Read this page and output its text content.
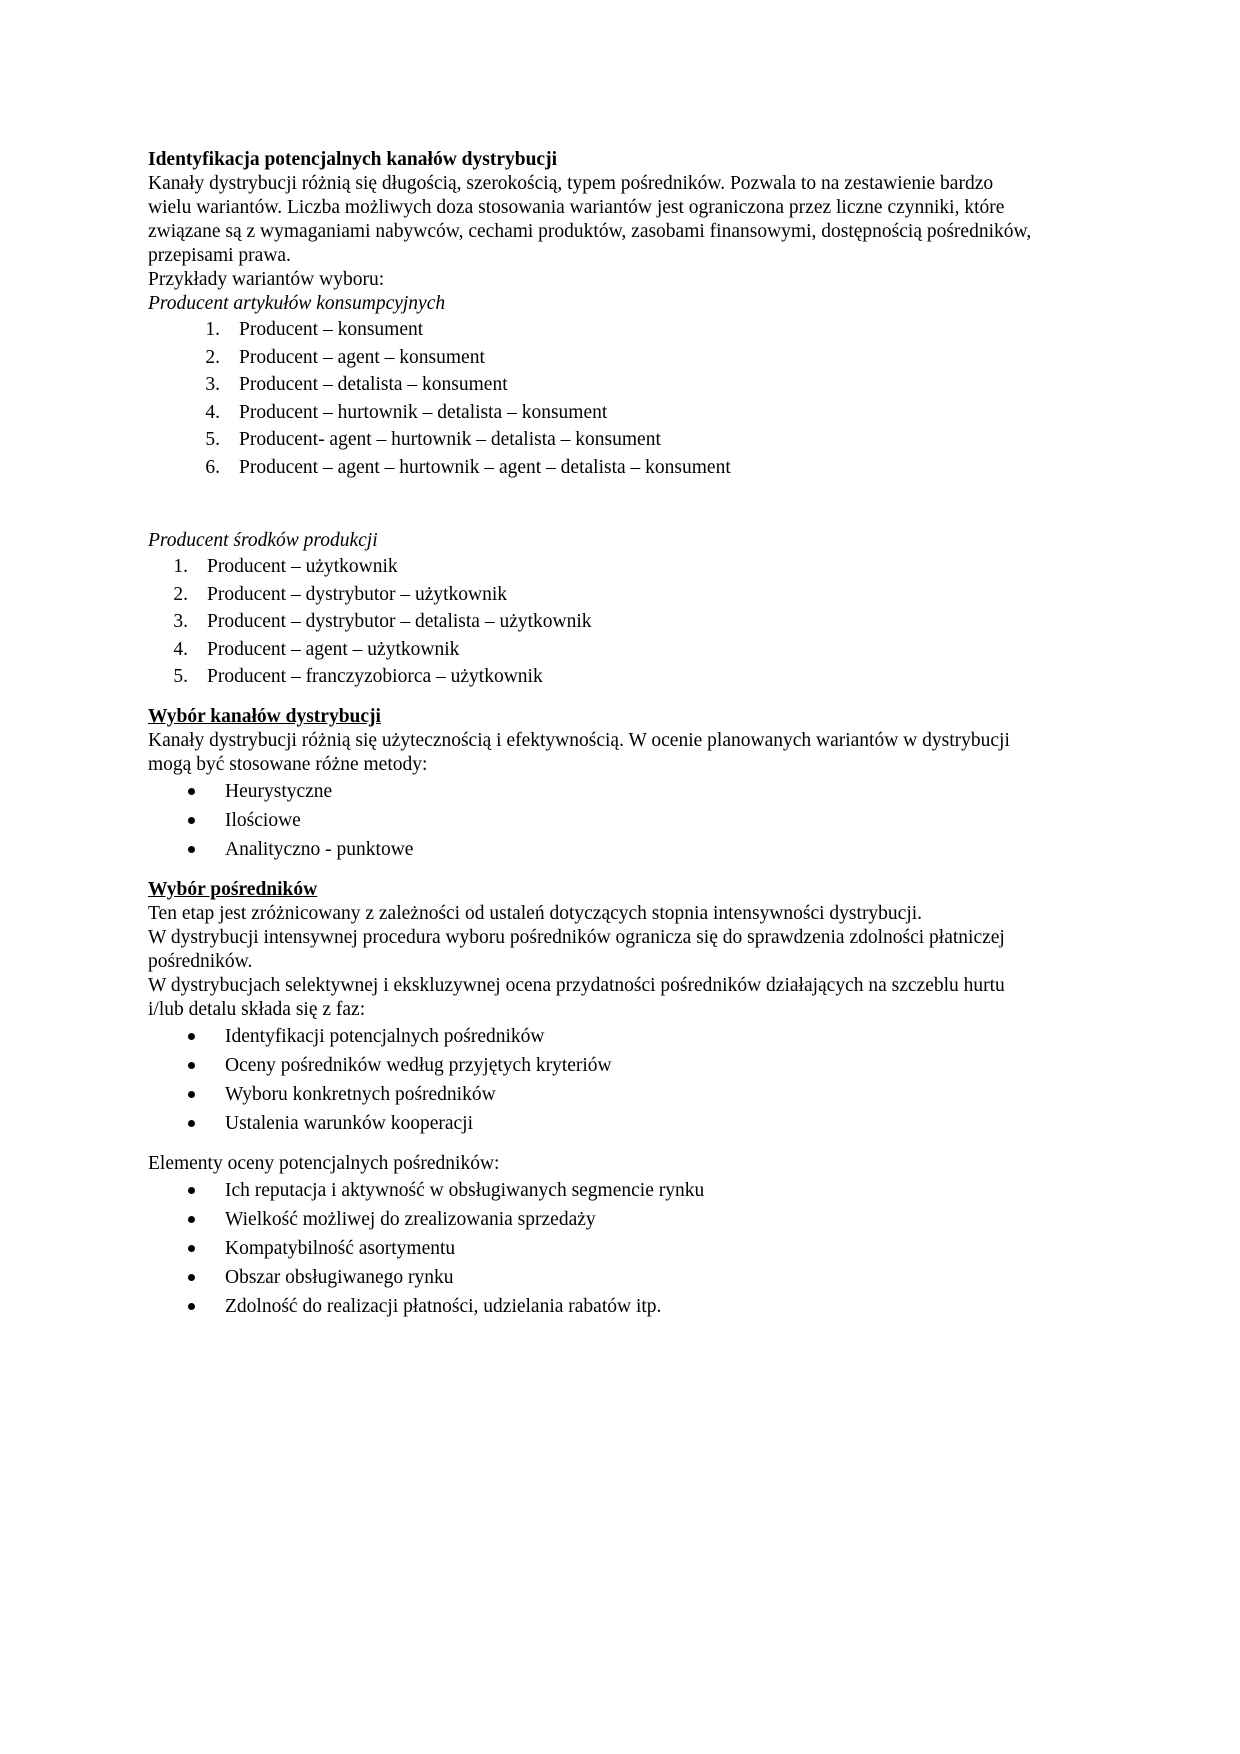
Identyfikacja potencjalnych kanałów dystrybucji

Kanały dystrybucji różnią się długością, szerokością, typem pośredników. Pozwala to na zestawienie bardzo

wielu wariantów. Liczba możliwych doza stosowania wariantów jest ograniczona przez liczne czynniki, które

związane są z wymaganiami nabywców, cechami produktów, zasobami finansowymi, dostępnością pośredników,

przepisami prawa.

Przykłady wariantów wyboru:

Producent artykułów konsumpcyjnych

1. Producent – konsument
2. Producent – agent – konsument
3. Producent – detalista – konsument
4. Producent – hurtownik – detalista – konsument
5. Producent- agent – hurtownik – detalista – konsument
6. Producent – agent – hurtownik – agent – detalista – konsument

Producent środków produkcji

1. Producent – użytkownik
2. Producent – dystrybutor – użytkownik
3. Producent – dystrybutor – detalista – użytkownik
4. Producent – agent – użytkownik
5. Producent – franczyzobiorca – użytkownik

Wybór kanałów dystrybucji

Kanały dystrybucji różnią się użytecznością i efektywnością. W ocenie planowanych wariantów w dystrybucji

mogą być stosowane różne metody:

Heurystyczne
Ilościowe
Analityczno - punktowe

Wybór pośredników

Ten etap jest zróżnicowany z zależności od ustaleń dotyczących stopnia intensywności dystrybucji.

W dystrybucji intensywnej procedura wyboru pośredników ogranicza się do sprawdzenia zdolności płatniczej

pośredników.

W dystrybucjach selektywnej i ekskluzywnej ocena przydatności pośredników działających na szczeblu hurtu

i/lub detalu składa się z faz:

Identyfikacji potencjalnych pośredników
Oceny pośredników według przyjętych kryteriów
Wyboru konkretnych pośredników
Ustalenia warunków kooperacji

Elementy oceny potencjalnych pośredników:

Ich reputacja i aktywność w obsługiwanych segmencie rynku
Wielkość możliwej do zrealizowania sprzedaży
Kompatybilność asortymentu
Obszar obsługiwanego rynku
Zdolność do realizacji płatności, udzielania rabatów itp.
